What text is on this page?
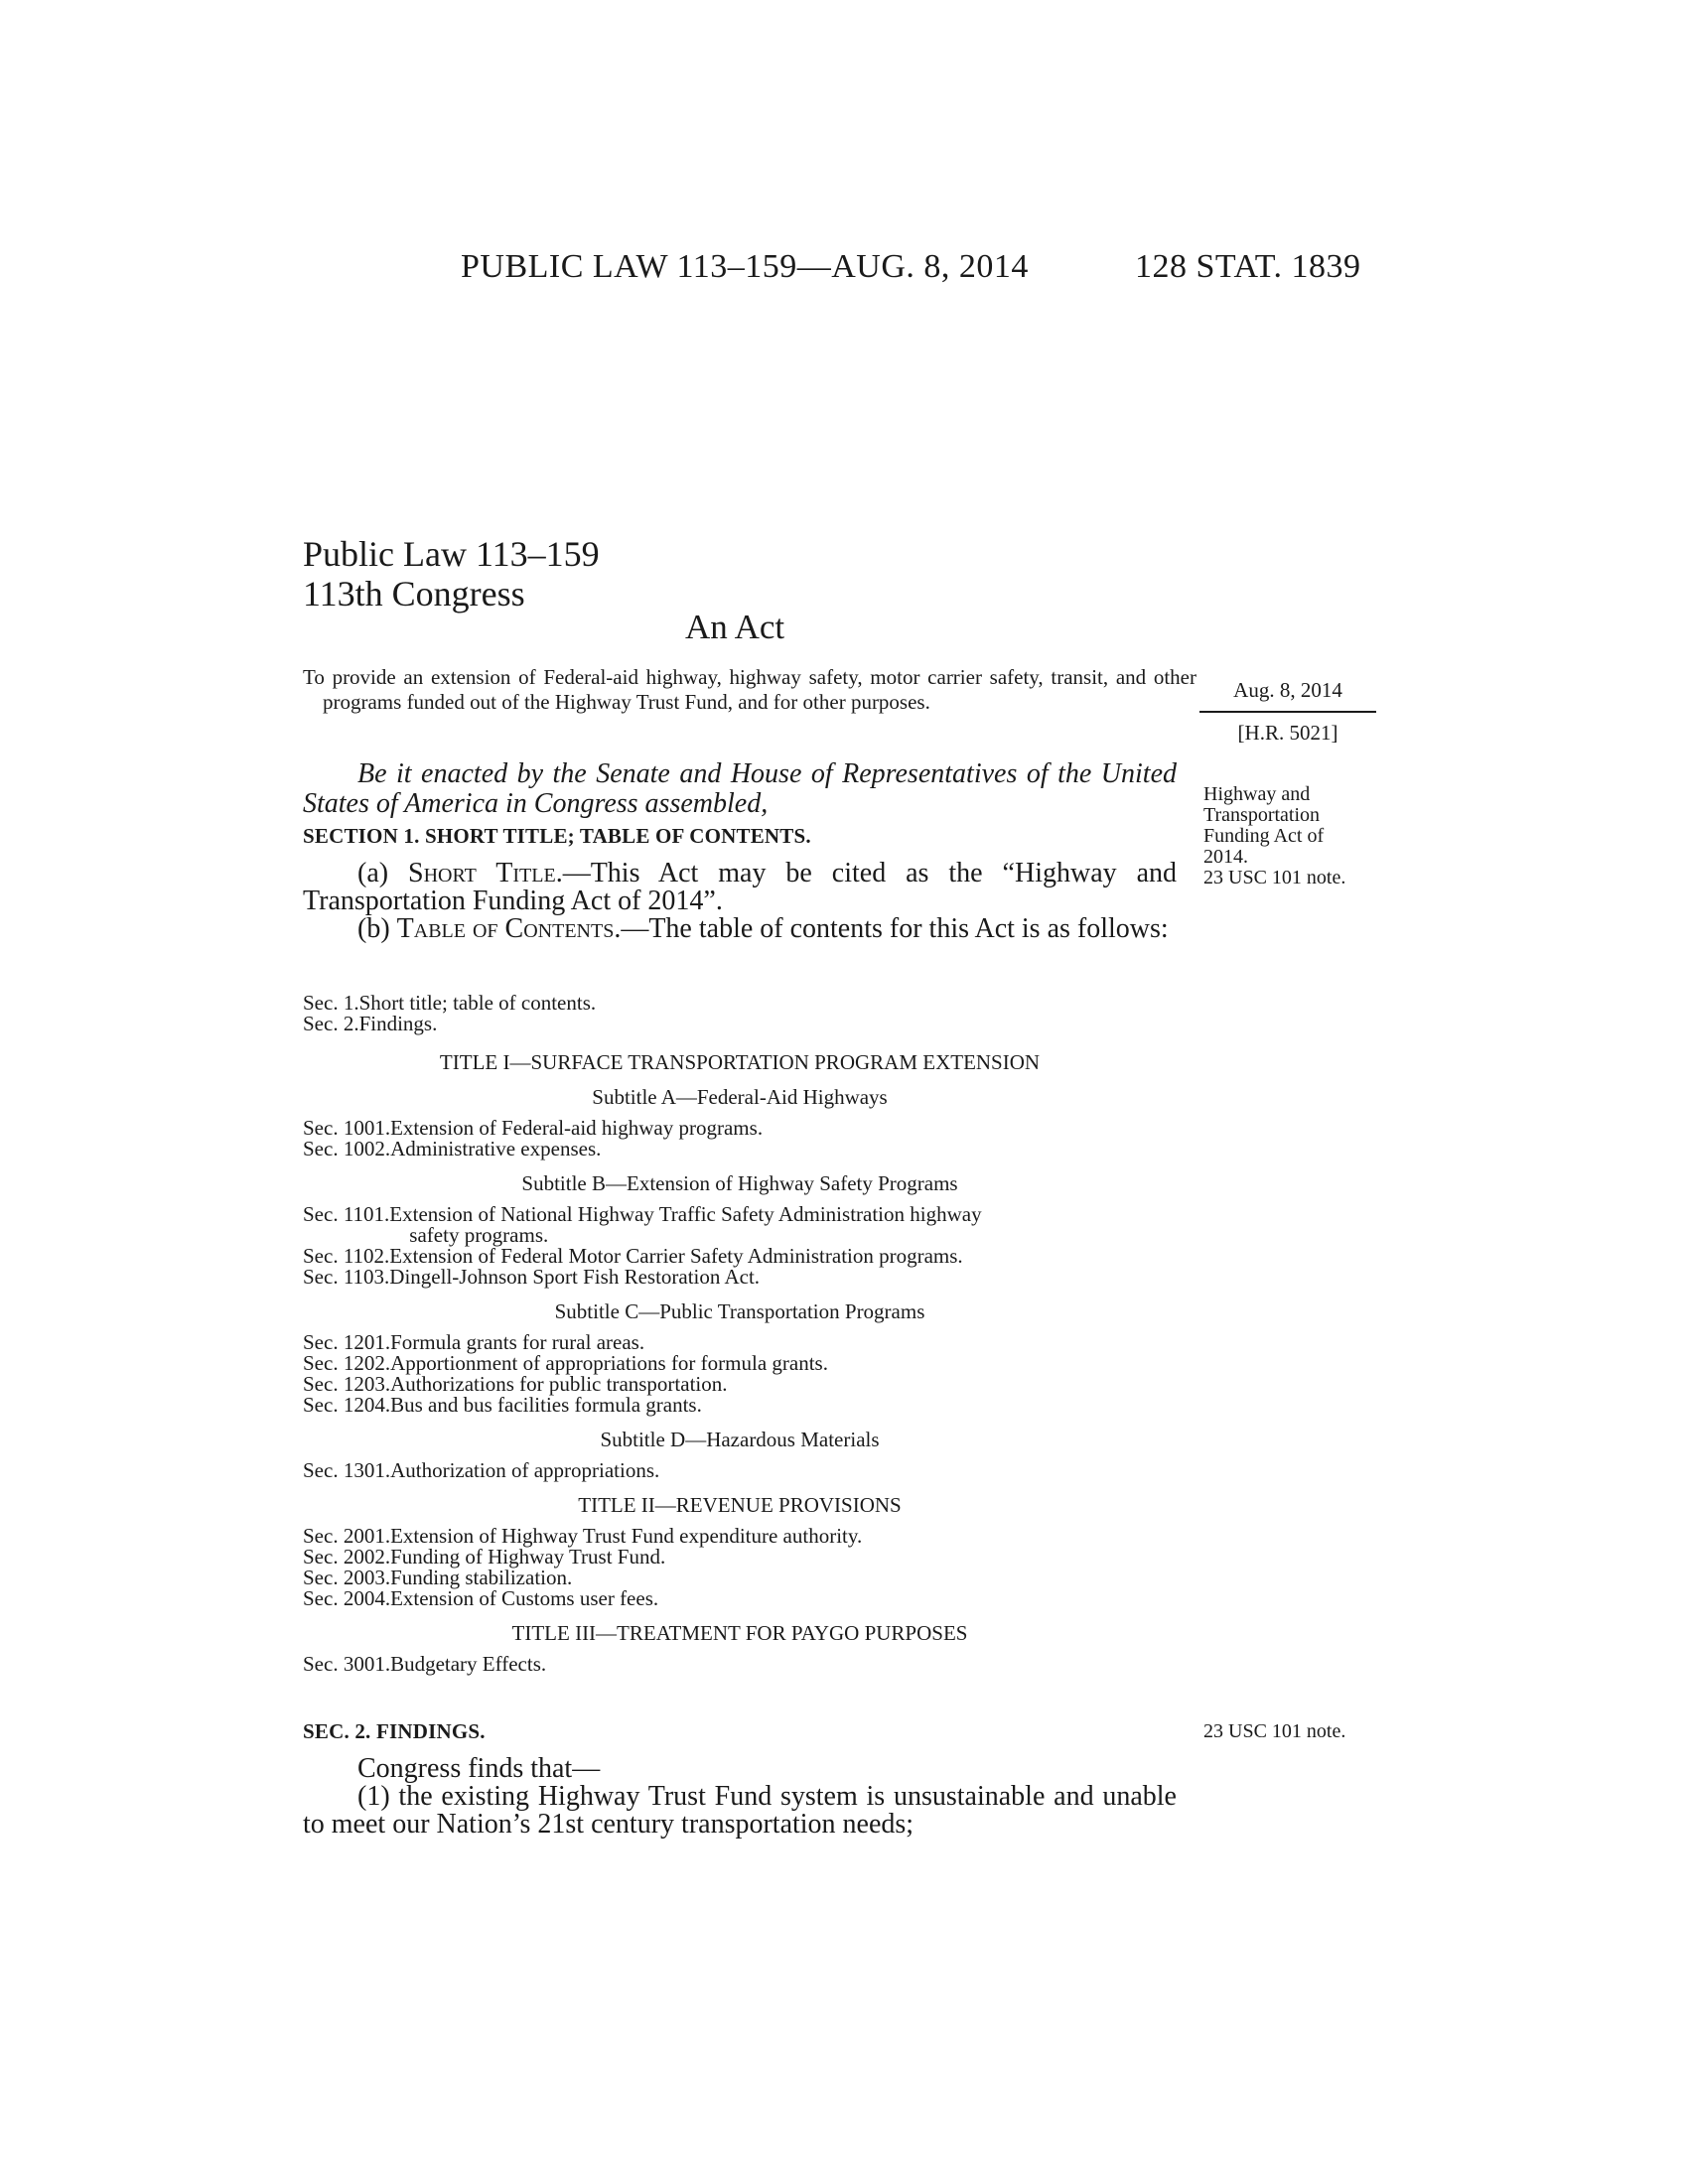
PUBLIC LAW 113–159—AUG. 8, 2014	128 STAT. 1839
Public Law 113–159
113th Congress
An Act
To provide an extension of Federal-aid highway, highway safety, motor carrier safety, transit, and other programs funded out of the Highway Trust Fund, and for other purposes.	Aug. 8, 2014
[H.R. 5021]
Be it enacted by the Senate and House of Representatives of the United States of America in Congress assembled,	Highway and Transportation Funding Act of 2014.
23 USC 101 note.
SECTION 1. SHORT TITLE; TABLE OF CONTENTS.
(a) Short Title.—This Act may be cited as the “Highway and Transportation Funding Act of 2014”.
(b) Table of Contents.—The table of contents for this Act is as follows:
Sec. 1. Short title; table of contents.
Sec. 2. Findings.
TITLE I—SURFACE TRANSPORTATION PROGRAM EXTENSION
Subtitle A—Federal-Aid Highways
Sec. 1001. Extension of Federal-aid highway programs.
Sec. 1002. Administrative expenses.
Subtitle B—Extension of Highway Safety Programs
Sec. 1101. Extension of National Highway Traffic Safety Administration highway
safety programs.
Sec. 1102. Extension of Federal Motor Carrier Safety Administration programs.
Sec. 1103. Dingell-Johnson Sport Fish Restoration Act.
Subtitle C—Public Transportation Programs
Sec. 1201. Formula grants for rural areas.
Sec. 1202. Apportionment of appropriations for formula grants.
Sec. 1203. Authorizations for public transportation.
Sec. 1204. Bus and bus facilities formula grants.
Subtitle D—Hazardous Materials
Sec. 1301. Authorization of appropriations.
TITLE II—REVENUE PROVISIONS
Sec. 2001. Extension of Highway Trust Fund expenditure authority.
Sec. 2002. Funding of Highway Trust Fund.
Sec. 2003. Funding stabilization.
Sec. 2004. Extension of Customs user fees.
TITLE III—TREATMENT FOR PAYGO PURPOSES
Sec. 3001. Budgetary Effects.
SEC. 2. FINDINGS.	23 USC 101 note.
Congress finds that—
(1) the existing Highway Trust Fund system is unsustainable and unable to meet our Nation’s 21st century transportation needs;
